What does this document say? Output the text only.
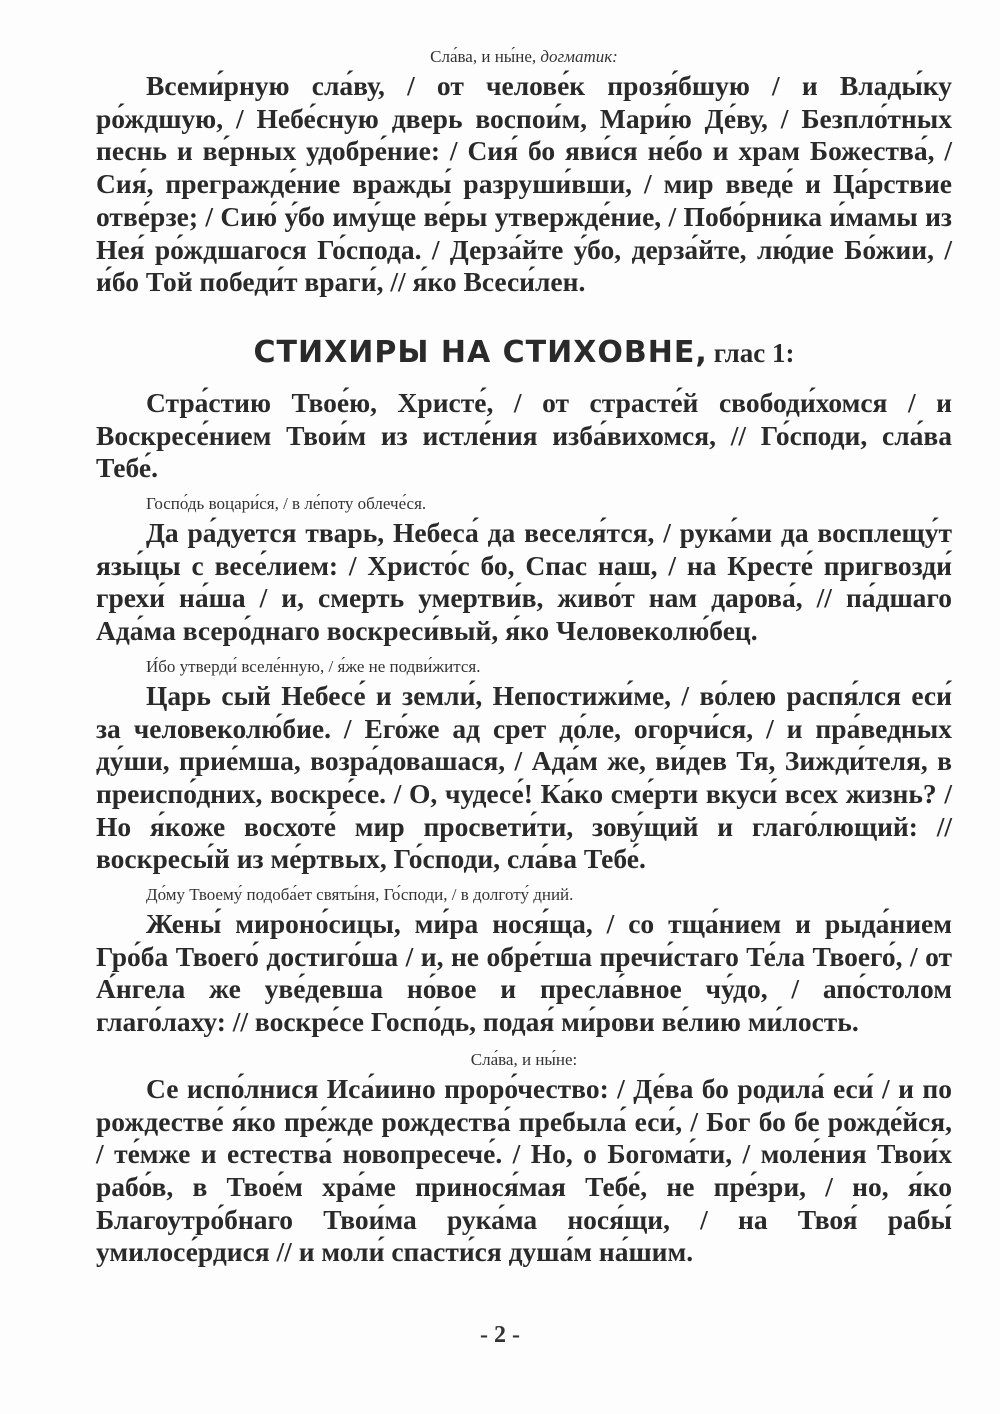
Сла́ва, и ны́не, догматик:

Всеми́рную сла́ву, / от челове́к прозя́бшую / и Влады́ку ро́ждшую, / Небе́сную дверь воспои́м, Мари́ю Де́ву, / Безпло́тных песнь и ве́рных удобре́ние: / Сия́ бо яви́ся не́бо и храм Божества́, / Сия́, прегражде́ние вражды́ разруши́вши, / мир введе́ и Ца́рствие отве́рзе; / Сию́ у́бо иму́ще ве́ры утвержде́ние, / Побо́рника и́мамы из Нея́ ро́ждшагося Го́спода. / Дерза́йте у́бо, дерза́йте, лю́дие Бо́жии, / и́бо Той победи́т враги́, // я́ко Всеси́лен.

СТИХИРЫ НА СТИХОВНЕ, глас 1:

Стра́стию Твое́ю, Христе́, / от страсте́й свободи́хомся / и Воскресе́нием Твои́м из истле́ния изба́вихомся, // Го́споди, сла́ва Тебе́.

Госпо́дь воцари́ся, / в ле́поту облече́ся.

Да ра́дуется тварь, Небеса́ да веселя́тся, / рука́ми да восплещу́т язы́цы с весе́лием: / Христо́с бо, Спас наш, / на Кресте́ пригвозди́ грехи́ на́ша / и, смерть умертви́в, живо́т нам дарова́, // па́дшаго Ада́ма всеро́днаго воскреси́вый, я́ко Человеколю́бец.

И́бо утверди́ вселе́нную, / я́же не подви́жится.

Царь сый Небесе́ и земли́, Непостижи́ме, / во́лею распя́лся еси́ за человеколю́бие. / Его́же ад срет до́ле, огорчи́ся, / и пра́ведных ду́ши, прие́мша, возра́довашася, / Ада́м же, ви́дев Тя, Зижди́теля, в преиспо́дних, воскре́се. / О, чудесе́! Ка́ко сме́рти вкуси́ всех жизнь? / Но я́коже восхоте́ мир просвети́ти, зову́щий и глаго́лющий: // воскресы́й из ме́ртвых, Го́споди, сла́ва Тебе́.

До́му Твоему́ подоба́ет святы́ня, Го́споди, / в долготу́ дний.

Жены́ мироно́сицы, ми́ра нося́ща, / со тща́нием и рыда́нием Гро́ба Твоего́ достиго́ша / и, не обре́тша пречи́стаго Те́ла Твоего́, / от А́нгела же уве́девша но́вое и пресла́вное чу́до, / апо́столом глаго́лаху: // воскре́се Госпо́дь, подая́ ми́рови ве́лию ми́лость.

Сла́ва, и ны́не:

Се испо́лнися Иса́иино проро́чество: / Де́ва бо родила́ еси́ / и по рождестве́ я́ко пре́жде рождества́ пребыла́ еси́, / Бог бо бе рожде́йся, / те́мже и естества́ новопресече́. / Но, о Богома́ти, / моле́ния Твои́х рабо́в, в Твое́м хра́ме принося́мая Тебе́, не пре́зри, / но, я́ко Благоутро́бнаго Твои́ма рука́ма нося́щи, / на Твоя́ рабы́ умилосе́рдися // и моли́ спасти́ся душа́м на́шим.

- 2 -
